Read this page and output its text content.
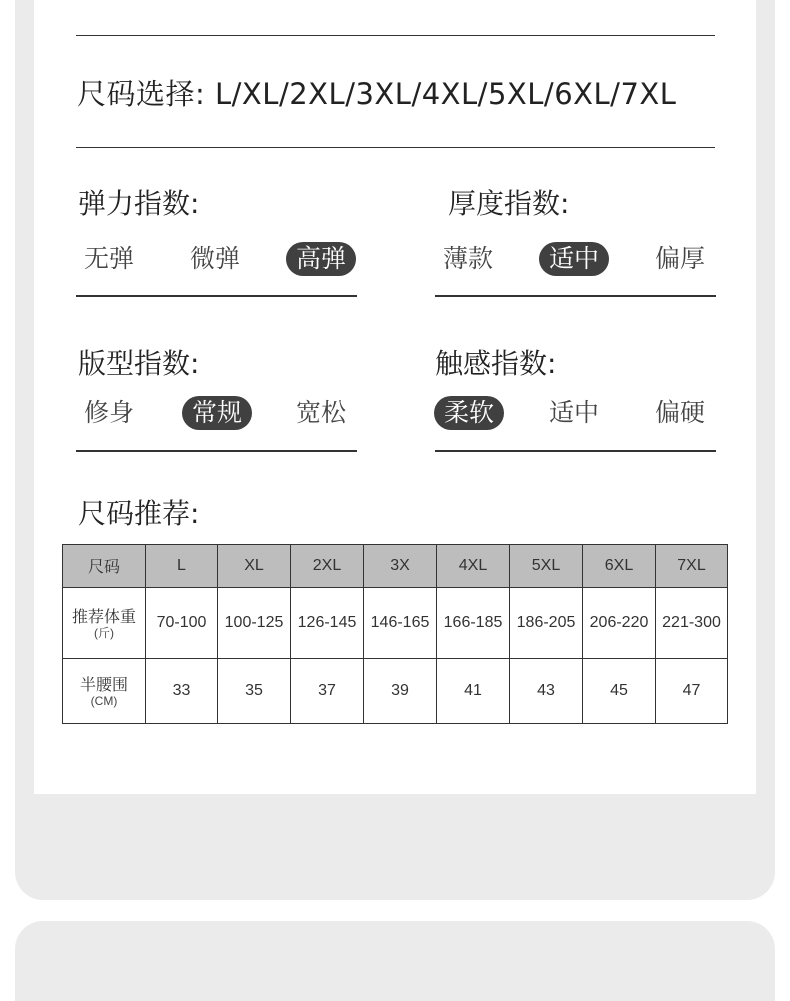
尺码选择: L/XL/2XL/3XL/4XL/5XL/6XL/7XL
弹力指数:
无弹 微弹	高弹
厚度指数:
薄款	适中	偏厚
版型指数:
修身	常规	宽松
触感指数:
柔软	适中 偏硬
尺码推荐:
尺码	L	XL	2XL	3X	4XL	5XL	6XL	7XL

推荐体重
(斤)	70-100	100-125	126-145	146-165	166-185	186-205	206-220	221-300

半腰围
(CM)	33	35	37	39	41	43	45	47
